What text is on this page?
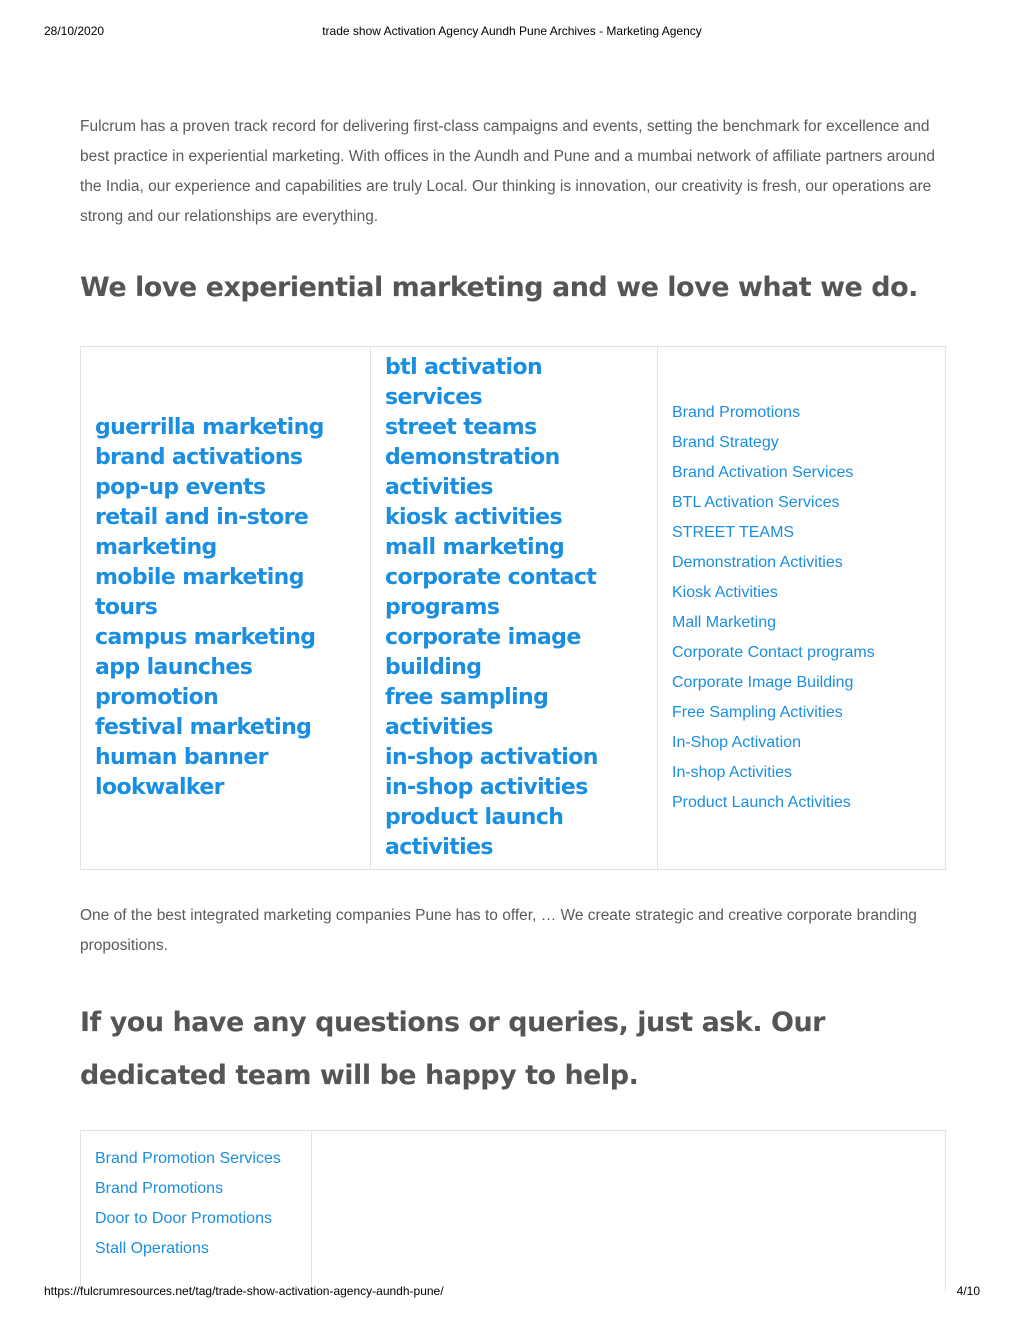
28/10/2020	trade show Activation Agency Aundh Pune Archives - Marketing Agency

Fulcrum has a proven track record for delivering first-class campaigns and events, setting the benchmark for excellence and best practice in experiential marketing. With offices in the Aundh and Pune and a mumbai network of affiliate partners around the India, our experience and capabilities are truly Local. Our thinking is innovation, our creativity is fresh, our operations are strong and our relationships are everything.

We love experiential marketing and we love what we do.
guerrilla marketing
brand activations
pop-up events
retail and in-store marketing
mobile marketing tours
campus marketing
app launches
promotion
festival marketing
human banner
lookwalker
btl activation services
street teams
demonstration activities
kiosk activities
mall marketing
corporate contact programs
corporate image building
free sampling activities
in-shop activation
in-shop activities
product launch activities
Brand Promotions
Brand Strategy
Brand Activation Services
BTL Activation Services
STREET TEAMS
Demonstration Activities
Kiosk Activities
Mall Marketing
Corporate Contact programs
Corporate Image Building
Free Sampling Activities
In-Shop Activation
In-shop Activities
Product Launch Activities

One of the best integrated marketing companies Pune has to offer, … We create strategic and creative corporate branding propositions.

If you have any questions or queries, just ask. Our dedicated team will be happy to help.
Brand Promotion Services
Brand Promotions
Door to Door Promotions
Stall Operations
https://fulcrumresources.net/tag/trade-show-activation-agency-aundh-pune/	4/10
